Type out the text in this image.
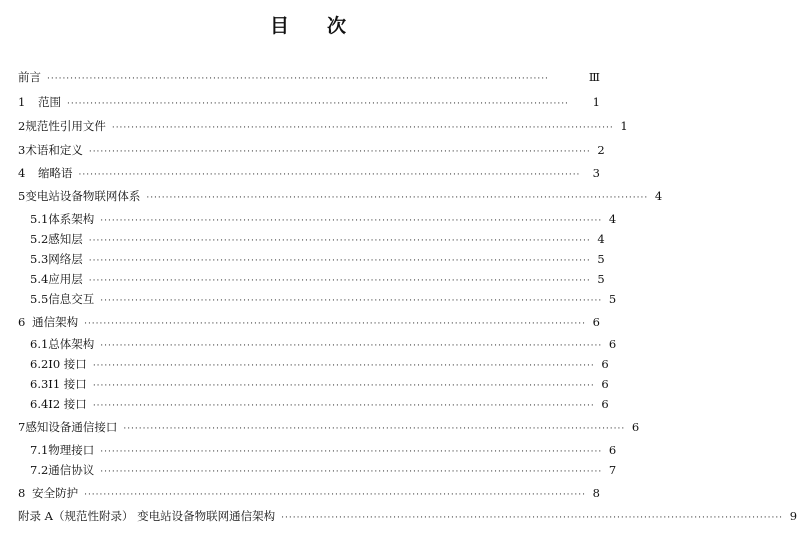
目 次
前言 ··································································································································	Ⅲ
1	范围 ··································································································································	1
2 规范性引用文件 ·································································································································· 1
3 术语和定义 ·································································································································· 2
4	缩略语 ··································································································································	3
5 变电站设备物联网体系 ·································································································································· 4
5.1 体系架构 ·································································································································· 4
5.2 感知层 ·································································································································· 4
5.3 网络层 ·································································································································· 5
5.4 应用层 ·································································································································· 5
5.5 信息交互 ·································································································································· 5
6 通信架构 ·································································································································· 6
6.1 总体架构 ·································································································································· 6
6.2 I0 接口 ·································································································································· 6
6.3 I1 接口 ·································································································································· 6
6.4 I2 接口 ·································································································································· 6
7 感知设备通信接口 ·································································································································· 6
7.1 物理接口 ·································································································································· 6
7.2 通信协议 ·································································································································· 7
8 安全防护 ·································································································································· 8
附录 A（规范性附录） 变电站设备物联网通信架构 ·································································································································· 9
